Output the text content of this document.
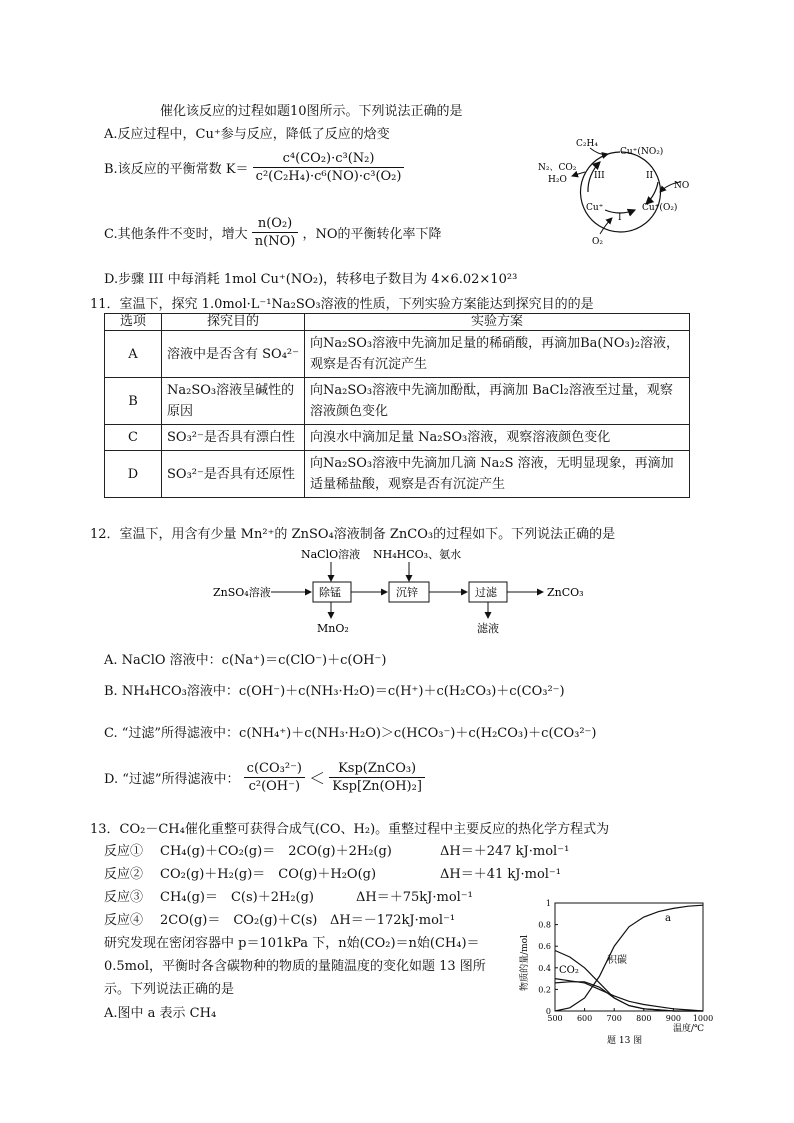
催化该反应的过程如题10图所示。下列说法正确的是
A.反应过程中，Cu⁺参与反应，降低了反应的焓变
B.该反应的平衡常数 $K= \frac{\text{c⁴(CO₂)·c³(N₂)}}{\text{c²(C₂H₄)·c⁶(NO)·c³(O₂)}}$
C.其他条件不变时，增大 $\frac{\text{n(O₂)}}{n(NO)}$ ，NO的平衡转化率下降
D.步骤 III 中每消耗 1mol Cu⁺(NO₂)，转移电子数目为 4×6.02×10²³
C₂H₄
Cu⁺(NO₂)
N₂、CO₂
H₂O	III	II
NO
Cu⁺
I
Cu⁺(O₂)
O₂
11．室温下，探究 1.0mol·L⁻¹Na₂SO₃溶液的性质，下列实验方案能达到探究目的的是
选项	探究目的	实验方案
A	溶液中是否含有 SO₄²⁻	向Na₂SO₃溶液中先滴加足量的稀硝酸，再滴加Ba(NO₃)₂溶液，观察是否有沉淀产生
B	Na₂SO₃溶液呈碱性的原因	向Na₂SO₃溶液中先滴加酚酞，再滴加 BaCl₂溶液至过量，观察溶液颜色变化
C	SO₃²⁻是否具有漂白性	向溴水中滴加足量 Na₂SO₃溶液，观察溶液颜色变化
D	SO₃²⁻是否具有还原性	向Na₂SO₃溶液中先滴加几滴 Na₂S 溶液，无明显现象，再滴加适量稀盐酸，观察是否有沉淀产生
12．室温下，用含有少量 Mn²⁺的 ZnSO₄溶液制备 ZnCO₃的过程如下。下列说法正确的是
NaClO溶液 NH₄HCO₃、氨水
ZnSO₄溶液	除锰	沉锌	过滤	ZnCO₃
MnO₂	滤液
A. NaClO 溶液中：c(Na⁺)＝c(ClO⁻)＋c(OH⁻)
B. NH₄HCO₃溶液中：c(OH⁻)＋c(NH₃·H₂O)＝c(H⁺)＋c(H₂CO₃)＋c(CO₃²⁻)
C. “过滤”所得滤液中：c(NH₄⁺)＋c(NH₃·H₂O)＞c(HCO₃⁻)＋c(H₂CO₃)＋c(CO₃²⁻)
D. “过滤”所得滤液中： $\frac{\text{c(CO₃²⁻)}}{\text{c²(OH⁻)}} < \frac{\text{Ksp(ZnCO₃)}}{\text{Ksp[Zn(OH)₂]}}$
13．CO₂－CH₄催化重整可获得合成气(CO、H₂)。重整过程中主要反应的热化学方程式为
反应① CH₄(g)＋CO₂(g)＝　2CO(g)＋2H₂(g)	ΔH＝＋247 kJ·mol⁻¹
反应② CO₂(g)＋H₂(g)＝　CO(g)＋H₂O(g)	ΔH＝＋41 kJ·mol⁻¹
反应③ CH₄(g)＝　C(s)＋2H₂(g)	ΔH＝＋75kJ·mol⁻¹
反应④ 2CO(g)＝　CO₂(g)＋C(s) ΔH＝－172kJ·mol⁻¹
研究发现在密闭容器中 p＝101kPa 下，n始(CO₂)＝n始(CH₄)＝
0.5mol，平衡时各含碳物种的物质的量随温度的变化如题 13 图所
示。下列说法正确的是
A.图中 a 表示 CH₄	500 600 700 800 900 1000
0
0.2
0.4
0.6
0.8
1
物质的量/mol
温度/℃
题 13 图
a
CO₂
积碳
